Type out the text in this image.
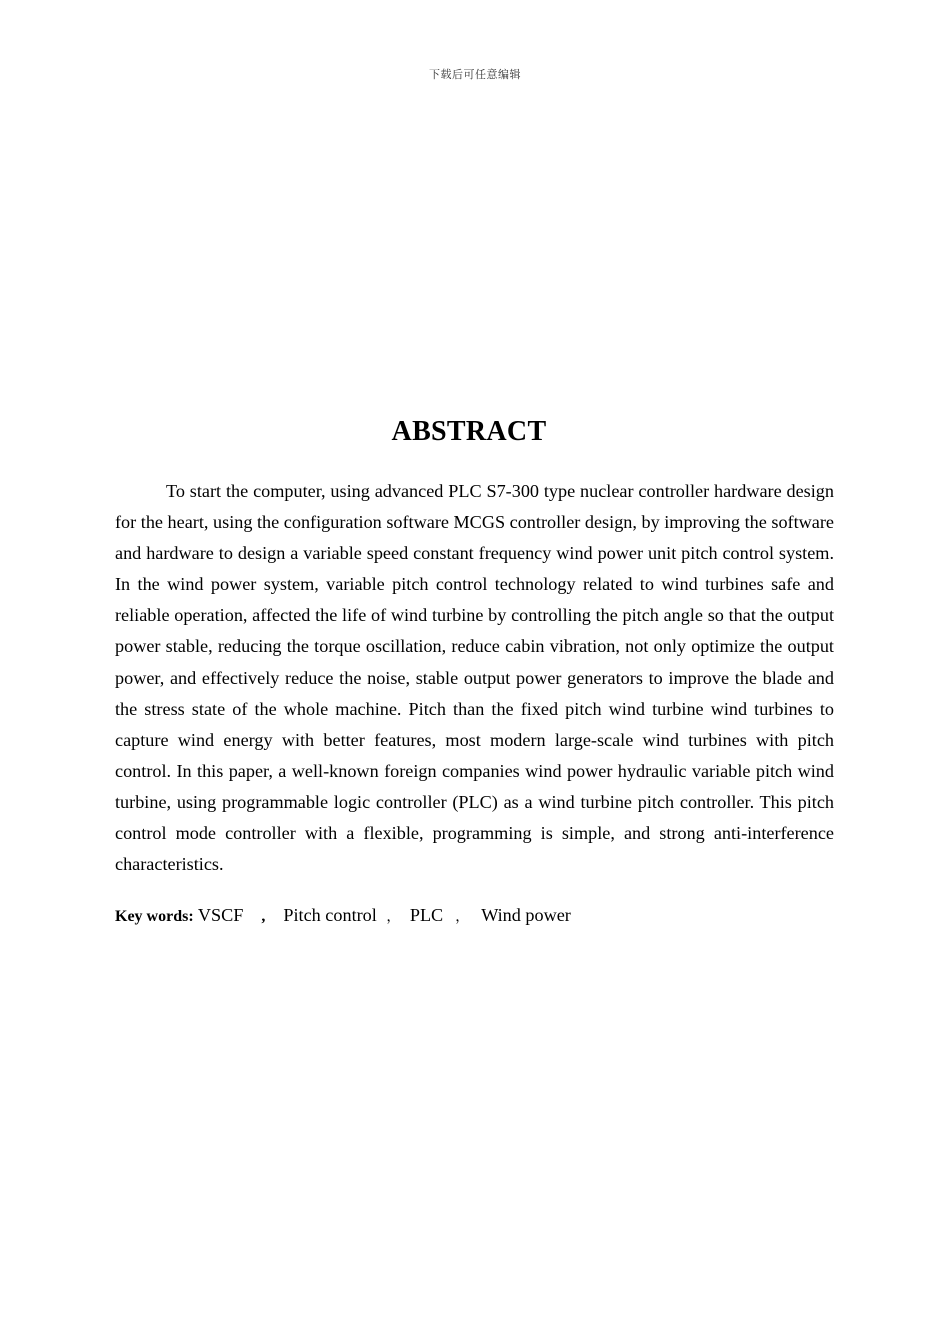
下载后可任意编辑
ABSTRACT

To start the computer, using advanced PLC S7-300 type nuclear controller hardware design for the heart, using the configuration software MCGS controller design, by improving the software and hardware to design a variable speed constant frequency wind power unit pitch control system. In the wind power system, variable pitch control technology related to wind turbines safe and reliable operation, affected the life of wind turbine by controlling the pitch angle so that the output power stable, reducing the torque oscillation, reduce cabin vibration, not only optimize the output power, and effectively reduce the noise, stable output power generators to improve the blade and the stress state of the whole machine. Pitch than the fixed pitch wind turbine wind turbines to capture wind energy with better features, most modern large-scale wind turbines with pitch control. In this paper, a well-known foreign companies wind power hydraulic variable pitch wind turbine, using programmable logic controller (PLC) as a wind turbine pitch controller. This pitch control mode controller with a flexible, programming is simple, and strong anti-interference characteristics.

Key words: VSCF , Pitch control ， PLC ， Wind power
